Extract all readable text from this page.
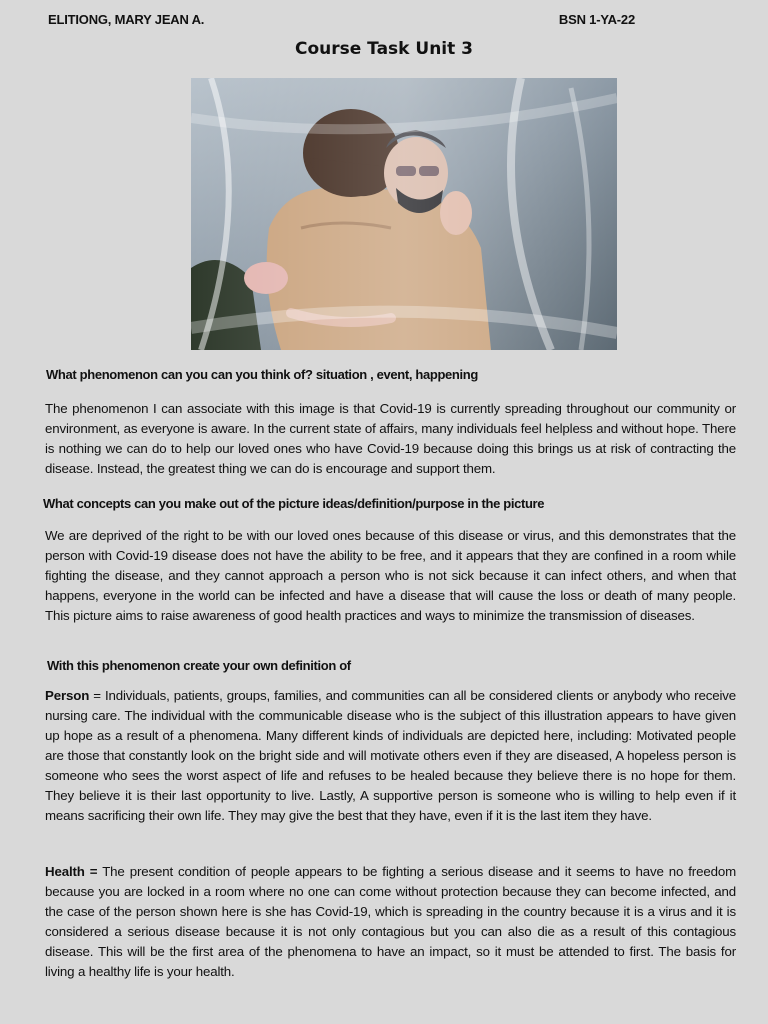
ELITIONG, MARY JEAN A.	BSN 1-YA-22
Course Task Unit 3
What phenomenon can you can you think of? situation , event, happening
The phenomenon I can associate with this image is that Covid-19 is currently spreading throughout our community or environment, as everyone is aware. In the current state of affairs, many individuals feel helpless and without hope. There is nothing we can do to help our loved ones who have Covid-19 because doing this brings us at risk of contracting the disease. Instead, the greatest thing we can do is encourage and support them.
What concepts can you make out of the picture ideas/definition/purpose in the picture
We are deprived of the right to be with our loved ones because of this disease or virus, and this demonstrates that the person with Covid-19 disease does not have the ability to be free, and it appears that they are confined in a room while fighting the disease, and they cannot approach a person who is not sick because it can infect others, and when that happens, everyone in the world can be infected and have a disease that will cause the loss or death of many people. This picture aims to raise awareness of good health practices and ways to minimize the transmission of diseases.
With this phenomenon create your own definition of
Person = Individuals, patients, groups, families, and communities can all be considered clients or anybody who receive nursing care. The individual with the communicable disease who is the subject of this illustration appears to have given up hope as a result of a phenomena. Many different kinds of individuals are depicted here, including: Motivated people are those that constantly look on the bright side and will motivate others even if they are diseased, A hopeless person is someone who sees the worst aspect of life and refuses to be healed because they believe there is no hope for them. They believe it is their last opportunity to live. Lastly, A supportive person is someone who is willing to help even if it means sacrificing their own life. They may give the best that they have, even if it is the last item they have.
Health = The present condition of people appears to be fighting a serious disease and it seems to have no freedom because you are locked in a room where no one can come without protection because they can become infected, and the case of the person shown here is she has Covid-19, which is spreading in the country because it is a virus and it is considered a serious disease because it is not only contagious but you can also die as a result of this contagious disease. This will be the first area of the phenomena to have an impact, so it must be attended to first. The basis for living a healthy life is your health.
